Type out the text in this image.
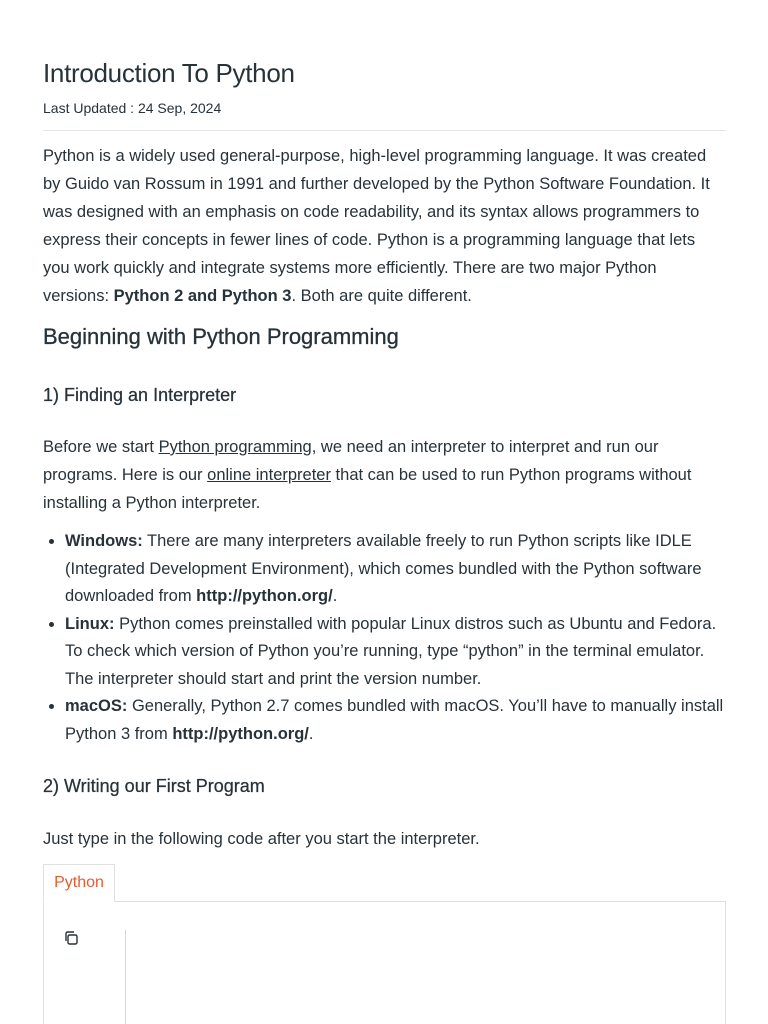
Introduction To Python
Last Updated : 24 Sep, 2024

Python is a widely used general-purpose, high-level programming language. It was created by Guido van Rossum in 1991 and further developed by the Python Software Foundation. It was designed with an emphasis on code readability, and its syntax allows programmers to express their concepts in fewer lines of code. Python is a programming language that lets you work quickly and integrate systems more efficiently. There are two major Python versions: Python 2 and Python 3. Both are quite different.

Beginning with Python Programming
1) Finding an Interpreter

Before we start Python programming, we need an interpreter to interpret and run our programs. Here is our online interpreter that can be used to run Python programs without installing a Python interpreter.

• Windows: There are many interpreters available freely to run Python scripts like IDLE (Integrated Development Environment), which comes bundled with the Python software downloaded from http://python.org/.
• Linux: Python comes preinstalled with popular Linux distros such as Ubuntu and Fedora. To check which version of Python you’re running, type “python” in the terminal emulator. The interpreter should start and print the version number.
• macOS: Generally, Python 2.7 comes bundled with macOS. You’ll have to manually install Python 3 from http://python.org/.
2) Writing our First Program

Just type in the following code after you start the interpreter.

Python
